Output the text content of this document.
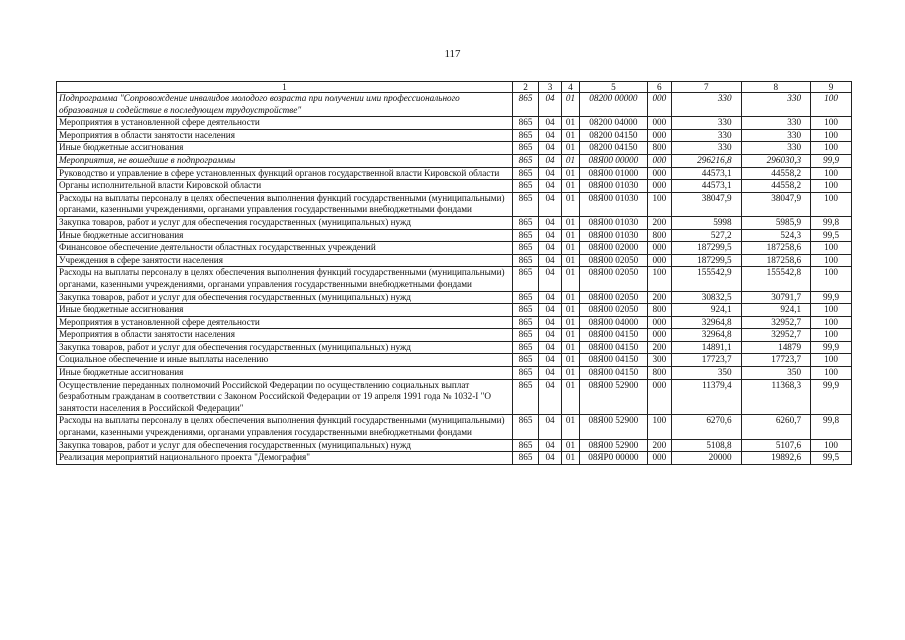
117
1	2	3	4	5	6	7	8	9
Подпрограмма "Сопровождение инвалидов молодого возраста при получении ими профессионального образования и содействие в последующем трудоустройстве"	865	04	01	08200 00000	000	330	330	100
Мероприятия в установленной сфере деятельности	865	04	01	08200 04000	000	330	330	100
Мероприятия в области занятости населения	865	04	01	08200 04150	000	330	330	100
Иные бюджетные ассигнования	865	04	01	08200 04150	800	330	330	100
Мероприятия, не вошедшие в подпрограммы	865	04	01	08Я00 00000	000	296216,8	296030,3	99,9
Руководство и управление в сфере установленных функций органов государственной власти Кировской области	865	04	01	08Я00 01000	000	44573,1	44558,2	100
Органы исполнительной власти Кировской области	865	04	01	08Я00 01030	000	44573,1	44558,2	100
Расходы на выплаты персоналу в целях обеспечения выполнения функций государственными (муниципальными) органами, казенными учреждениями, органами управления государственными внебюджетными фондами	865	04	01	08Я00 01030	100	38047,9	38047,9	100
Закупка товаров, работ и услуг для обеспечения государственных (муниципальных) нужд	865	04	01	08Я00 01030	200	5998	5985,9	99,8
Иные бюджетные ассигнования	865	04	01	08Я00 01030	800	527,2	524,3	99,5
Финансовое обеспечение деятельности областных государственных учреждений	865	04	01	08Я00 02000	000	187299,5	187258,6	100
Учреждения в сфере занятости населения	865	04	01	08Я00 02050	000	187299,5	187258,6	100
Расходы на выплаты персоналу в целях обеспечения выполнения функций государственными (муниципальными) органами, казенными учреждениями, органами управления государственными внебюджетными фондами	865	04	01	08Я00 02050	100	155542,9	155542,8	100
Закупка товаров, работ и услуг для обеспечения государственных (муниципальных) нужд	865	04	01	08Я00 02050	200	30832,5	30791,7	99,9
Иные бюджетные ассигнования	865	04	01	08Я00 02050	800	924,1	924,1	100
Мероприятия в установленной сфере деятельности	865	04	01	08Я00 04000	000	32964,8	32952,7	100
Мероприятия в области занятости населения	865	04	01	08Я00 04150	000	32964,8	32952,7	100
Закупка товаров, работ и услуг для обеспечения государственных (муниципальных) нужд	865	04	01	08Я00 04150	200	14891,1	14879	99,9
Социальное обеспечение и иные выплаты населению	865	04	01	08Я00 04150	300	17723,7	17723,7	100
Иные бюджетные ассигнования	865	04	01	08Я00 04150	800	350	350	100
Осуществление переданных полномочий Российской Федерации по осуществлению социальных выплат безработным гражданам в соответствии с Законом Российской Федерации от 19 апреля 1991 года № 1032-I "О занятости населения в Российской Федерации"	865	04	01	08Я00 52900	000	11379,4	11368,3	99,9
Расходы на выплаты персоналу в целях обеспечения выполнения функций государственными (муниципальными) органами, казенными учреждениями, органами управления государственными внебюджетными фондами	865	04	01	08Я00 52900	100	6270,6	6260,7	99,8
Закупка товаров, работ и услуг для обеспечения государственных (муниципальных) нужд	865	04	01	08Я00 52900	200	5108,8	5107,6	100
Реализация мероприятий национального проекта "Демография"	865	04	01	08ЯР0 00000	000	20000	19892,6	99,5
